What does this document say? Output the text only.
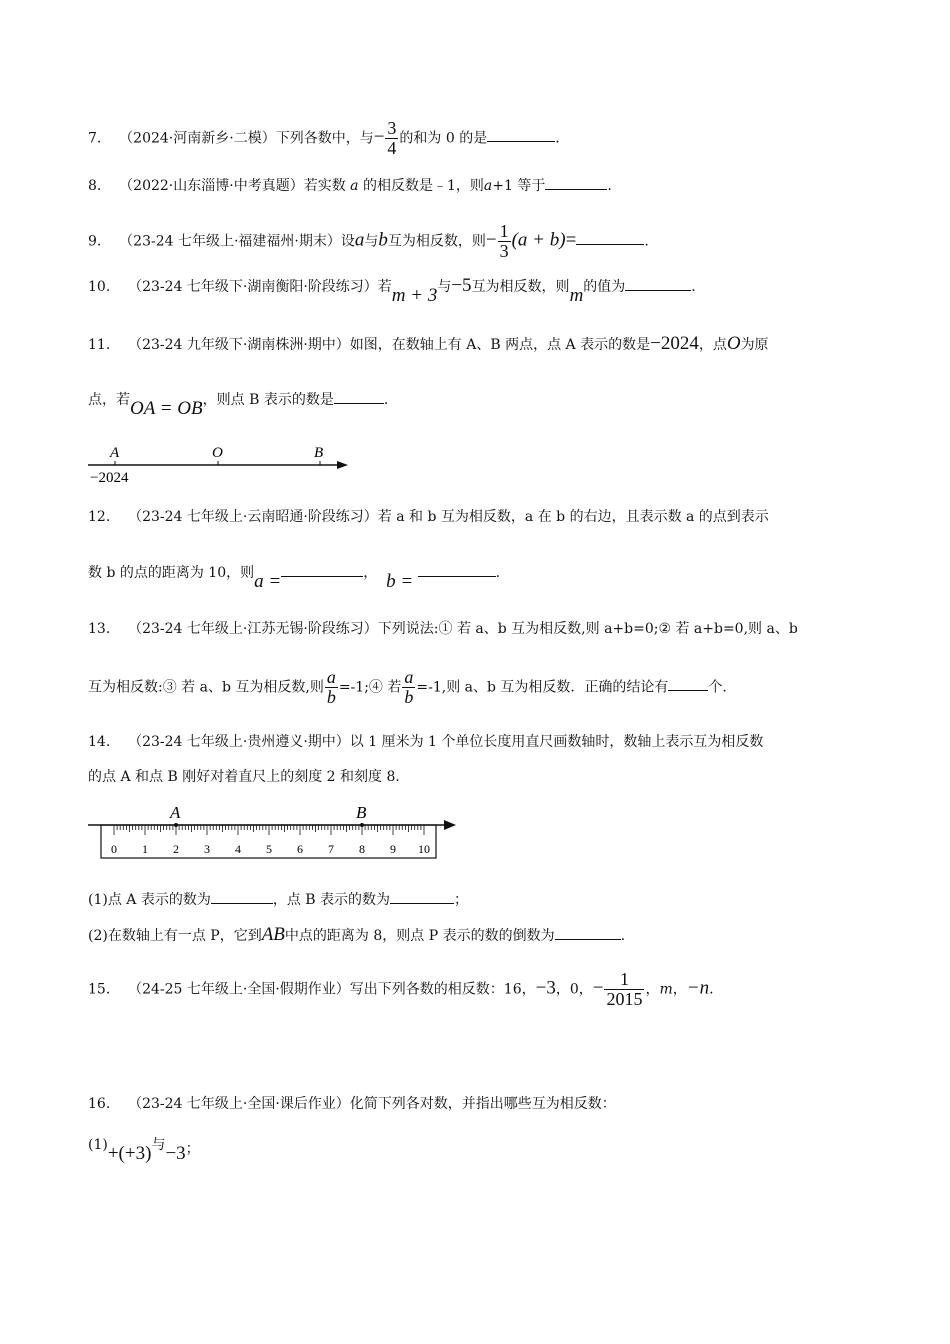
7. （2024·河南新乡·二模）下列各数中，与− $\frac{3}{4}$ 的和为 0 的是	.
8. （2022·山东淄博·中考真题）若实数 a 的相反数是﹣1，则a+1 等于	.
9. （23-24 七年级上·福建福州·期末）设a与b互为相反数，则− $\frac{1}{3} (a + b)=$	.
10. （23-24 七年级下·湖南衡阳·阶段练习）若m + 3与−5互为相反数，则m的值为	.
11. （23-24 九年级下·湖南株洲·期中）如图，在数轴上有 A、B 两点，点 A 表示的数是−2024，点O为原
点，若OA = OB，则点 B 表示的数是	.
A	O	B
−2024
12. （23-24 七年级上·云南昭通·阶段练习）若 a 和 b 互为相反数，a 在 b 的右边，且表示数 a 的点到表示
数 b 的点的距离为 10，则a =	， b =	.
13. （23-24 七年级上·江苏无锡·阶段练习）下列说法:① 若 a、b 互为相反数,则 a+b=0;② 若 a+b=0,则 a、b
互为相反数:③ 若 a、b 互为相反数,则 $\frac{a}{b}$ =-1;④ 若 $\frac{a}{b} =-1$,则 a、b 互为相反数．正确的结论有	个.
14. （23-24 七年级上·贵州遵义·期中）以 1 厘米为 1 个单位长度用直尺画数轴时，数轴上表示互为相反数
的点 A 和点 B 刚好对着直尺上的刻度 2 和刻度 8．
0 1 2 3 4 5 6 7 8 9 10
A	B
(1)点 A 表示的数为	，点 B 表示的数为	；
(2)在数轴上有一点 P，它到AB中点的距离为 8，则点 P 表示的数的倒数为	.
15. （24-25 七年级上·全国·假期作业）写出下列各数的相反数：16，−3，0，− $\frac{1}{2015}$ ，m，−n.
16. （23-24 七年级上·全国·课后作业）化简下列各对数，并指出哪些互为相反数：
(1)+(+3)与−3；
